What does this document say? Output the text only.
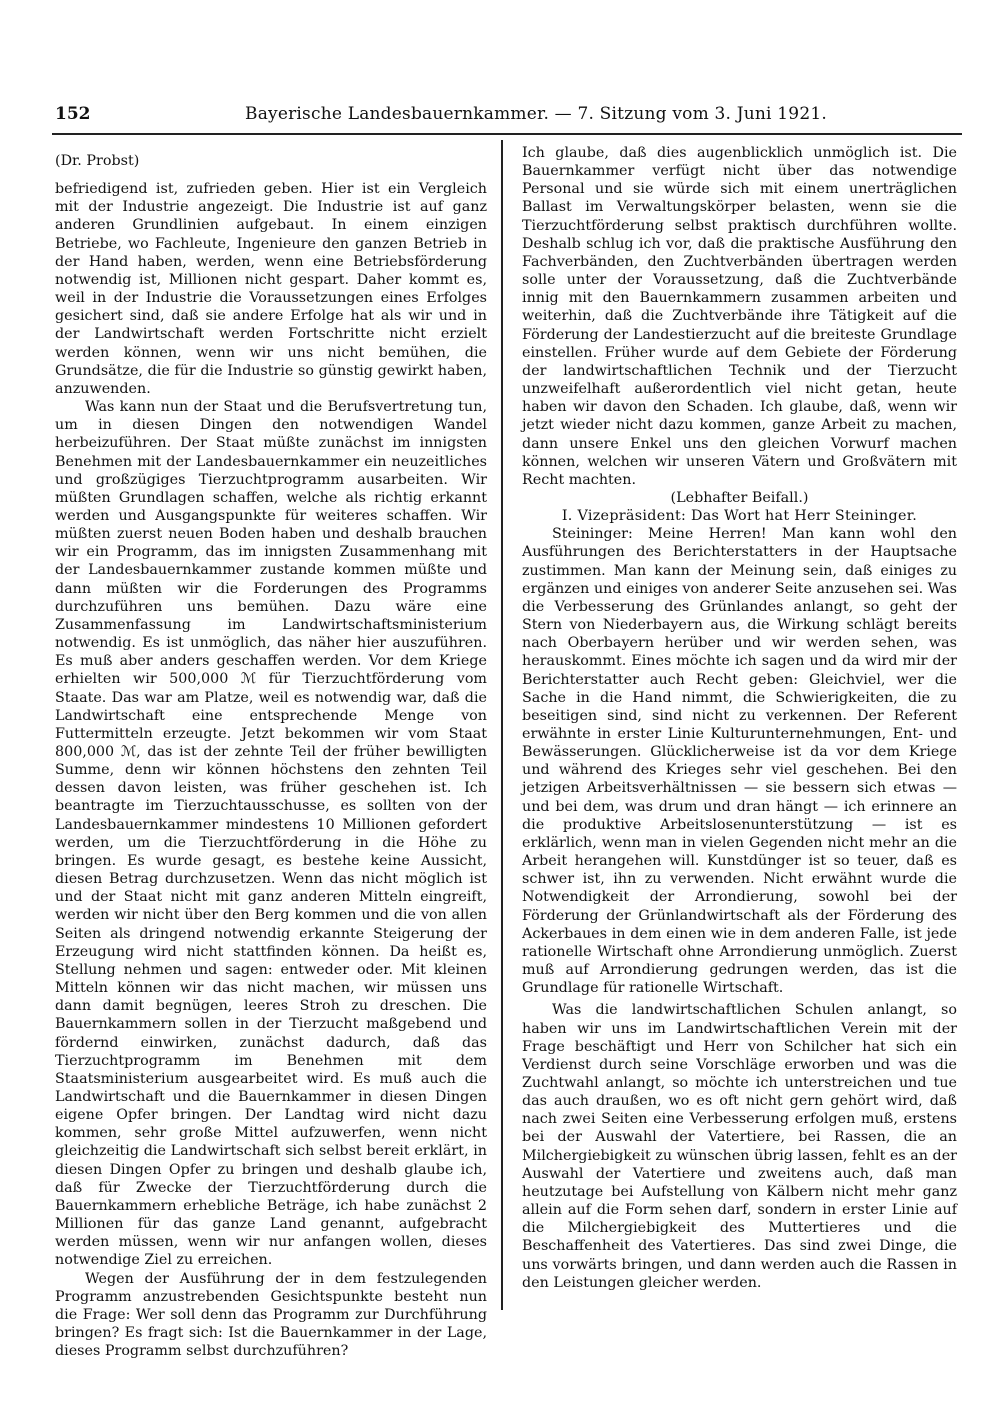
152	Bayerische Landesbauernkammer. — 7. Sitzung vom 3. Juni 1921.
(Dr. Probst)

befriedigend ist, zufrieden geben. Hier ist ein Vergleich mit der Industrie angezeigt. Die Industrie ist auf ganz anderen Grundlinien aufgebaut. In einem einzigen Betriebe, wo Fachleute, Ingenieure den ganzen Betrieb in der Hand haben, werden, wenn eine Betriebsförderung notwendig ist, Millionen nicht gespart. Daher kommt es, weil in der Industrie die Voraussetzungen eines Erfolges gesichert sind, daß sie andere Erfolge hat als wir und in der Landwirtschaft werden Fortschritte nicht erzielt werden können, wenn wir uns nicht bemühen, die Grundsätze, die für die Industrie so günstig gewirkt haben, anzuwenden.

Was kann nun der Staat und die Berufsvertretung tun, um in diesen Dingen den notwendigen Wandel herbeizuführen. Der Staat müßte zunächst im innigsten Benehmen mit der Landesbauernkammer ein neuzeitliches und großzügiges Tierzuchtprogramm ausarbeiten. Wir müßten Grundlagen schaffen, welche als richtig erkannt werden und Ausgangspunkte für weiteres schaffen. Wir müßten zuerst neuen Boden haben und deshalb brauchen wir ein Programm, das im innigsten Zusammenhang mit der Landesbauernkammer zustande kommen müßte und dann müßten wir die Forderungen des Programms durchzuführen uns bemühen. Dazu wäre eine Zusammenfassung im Landwirtschaftsministerium notwendig. Es ist unmöglich, das näher hier auszuführen. Es muß aber anders geschaffen werden. Vor dem Kriege erhielten wir 500,000 ℳ für Tierzuchtförderung vom Staate. Das war am Platze, weil es notwendig war, daß die Landwirtschaft eine entsprechende Menge von Futtermitteln erzeugte. Jetzt bekommen wir vom Staat 800,000 ℳ, das ist der zehnte Teil der früher bewilligten Summe, denn wir können höchstens den zehnten Teil dessen davon leisten, was früher geschehen ist. Ich beantragte im Tierzuchtausschusse, es sollten von der Landesbauernkammer mindestens 10 Millionen gefordert werden, um die Tierzuchtförderung in die Höhe zu bringen. Es wurde gesagt, es bestehe keine Aussicht, diesen Betrag durchzusetzen. Wenn das nicht möglich ist und der Staat nicht mit ganz anderen Mitteln eingreift, werden wir nicht über den Berg kommen und die von allen Seiten als dringend notwendig erkannte Steigerung der Erzeugung wird nicht stattfinden können. Da heißt es, Stellung nehmen und sagen: entweder oder. Mit kleinen Mitteln können wir das nicht machen, wir müssen uns dann damit begnügen, leeres Stroh zu dreschen. Die Bauernkammern sollen in der Tierzucht maßgebend und fördernd einwirken, zunächst dadurch, daß das Tierzuchtprogramm im Benehmen mit dem Staatsministerium ausgearbeitet wird. Es muß auch die Landwirtschaft und die Bauernkammer in diesen Dingen eigene Opfer bringen. Der Landtag wird nicht dazu kommen, sehr große Mittel aufzuwerfen, wenn nicht gleichzeitig die Landwirtschaft sich selbst bereit erklärt, in diesen Dingen Opfer zu bringen und deshalb glaube ich, daß für Zwecke der Tierzuchtförderung durch die Bauernkammern erhebliche Beträge, ich habe zunächst 2 Millionen für das ganze Land genannt, aufgebracht werden müssen, wenn wir nur anfangen wollen, dieses notwendige Ziel zu erreichen.

Wegen der Ausführung der in dem festzulegenden Programm anzustrebenden Gesichtspunkte besteht nun die Frage: Wer soll denn das Programm zur Durchführung bringen? Es fragt sich: Ist die Bauernkammer in der Lage, dieses Programm selbst durchzuführen?

Ich glaube, daß dies augenblicklich unmöglich ist. Die Bauernkammer verfügt nicht über das notwendige Personal und sie würde sich mit einem unerträglichen Ballast im Verwaltungskörper belasten, wenn sie die Tierzuchtförderung selbst praktisch durchführen wollte. Deshalb schlug ich vor, daß die praktische Ausführung den Fachverbänden, den Zuchtverbänden übertragen werden solle unter der Voraussetzung, daß die Zuchtverbände innig mit den Bauernkammern zusammen arbeiten und weiterhin, daß die Zuchtverbände ihre Tätigkeit auf die Förderung der Landestierzucht auf die breiteste Grundlage einstellen. Früher wurde auf dem Gebiete der Förderung der landwirtschaftlichen Technik und der Tierzucht unzweifelhaft außerordentlich viel nicht getan, heute haben wir davon den Schaden. Ich glaube, daß, wenn wir jetzt wieder nicht dazu kommen, ganze Arbeit zu machen, dann unsere Enkel uns den gleichen Vorwurf machen können, welchen wir unseren Vätern und Großvätern mit Recht machten.

(Lebhafter Beifall.)

I. Vizepräsident: Das Wort hat Herr Steininger.

Steininger: Meine Herren! Man kann wohl den Ausführungen des Berichterstatters in der Hauptsache zustimmen. Man kann der Meinung sein, daß einiges zu ergänzen und einiges von anderer Seite anzusehen sei. Was die Verbesserung des Grünlandes anlangt, so geht der Stern von Niederbayern aus, die Wirkung schlägt bereits nach Oberbayern herüber und wir werden sehen, was herauskommt. Eines möchte ich sagen und da wird mir der Berichterstatter auch Recht geben: Gleichviel, wer die Sache in die Hand nimmt, die Schwierigkeiten, die zu beseitigen sind, sind nicht zu verkennen. Der Referent erwähnte in erster Linie Kulturunternehmungen, Ent- und Bewässerungen. Glücklicherweise ist da vor dem Kriege und während des Krieges sehr viel geschehen. Bei den jetzigen Arbeitsverhältnissen — sie bessern sich etwas — und bei dem, was drum und dran hängt — ich erinnere an die produktive Arbeitslosenunterstützung — ist es erklärlich, wenn man in vielen Gegenden nicht mehr an die Arbeit herangehen will. Kunstdünger ist so teuer, daß es schwer ist, ihn zu verwenden. Nicht erwähnt wurde die Notwendigkeit der Arrondierung, sowohl bei der Förderung der Grünlandwirtschaft als der Förderung des Ackerbaues in dem einen wie in dem anderen Falle, ist jede rationelle Wirtschaft ohne Arrondierung unmöglich. Zuerst muß auf Arrondierung gedrungen werden, das ist die Grundlage für rationelle Wirtschaft.

Was die landwirtschaftlichen Schulen anlangt, so haben wir uns im Landwirtschaftlichen Verein mit der Frage beschäftigt und Herr von Schilcher hat sich ein Verdienst durch seine Vorschläge erworben und was die Zuchtwahl anlangt, so möchte ich unterstreichen und tue das auch draußen, wo es oft nicht gern gehört wird, daß nach zwei Seiten eine Verbesserung erfolgen muß, erstens bei der Auswahl der Vatertiere, bei Rassen, die an Milchergiebigkeit zu wünschen übrig lassen, fehlt es an der Auswahl der Vatertiere und zweitens auch, daß man heutzutage bei Aufstellung von Kälbern nicht mehr ganz allein auf die Form sehen darf, sondern in erster Linie auf die Milchergiebigkeit des Muttertieres und die Beschaffenheit des Vatertieres. Das sind zwei Dinge, die uns vorwärts bringen, und dann werden auch die Rassen in den Leistungen gleicher werden.
